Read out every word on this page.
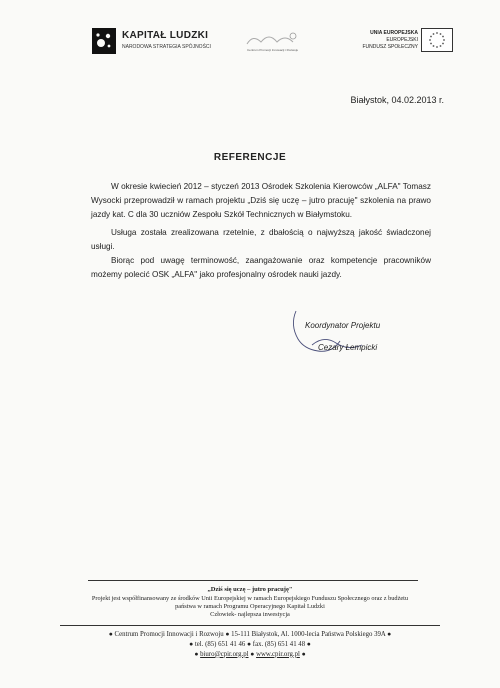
KAPITAŁ LUDZKI
NARODOWA STRATEGIA SPÓJNOŚCI	Centrum Promocji Innowacji i Rozwoju
UNIA EUROPEJSKA
EUROPEJSKI
FUNDUSZ SPOŁECZNY
Białystok, 04.02.2013 r.
REFERENCJE

W okresie kwiecień 2012 – styczeń 2013 Ośrodek Szkolenia Kierowców „ALFA" Tomasz Wysocki przeprowadził w ramach projektu „Dziś się uczę – jutro pracuję" szkolenia na prawo jazdy kat. C dla 30 uczniów Zespołu Szkół Technicznych w Białymstoku.

Usługa została zrealizowana rzetelnie, z dbałością o najwyższą jakość świadczonej usługi.

Biorąc pod uwagę terminowość, zaangażowanie oraz kompetencje pracowników możemy polecić OSK „ALFA" jako profesjonalny ośrodek nauki jazdy.

Koordynator Projektu
Cezary Łempicki
„Dziś się uczę – jutro pracuję"
Projekt jest współfinansowany ze środków Unii Europejskiej w ramach Europejskiego Funduszu Społecznego oraz z budżetu
państwa w ramach Programu Operacyjnego Kapitał Ludzki
Człowiek- najlepsza inwestycja
● Centrum Promocji Innowacji i Rozwoju ● 15-111 Białystok, Al. 1000-lecia Państwa Polskiego 39A ●
● tel. (85) 651 41 46 ● fax. (85) 651 41 48 ●
● biuro@cpir.org.pl ● www.cpir.org.pl ●
